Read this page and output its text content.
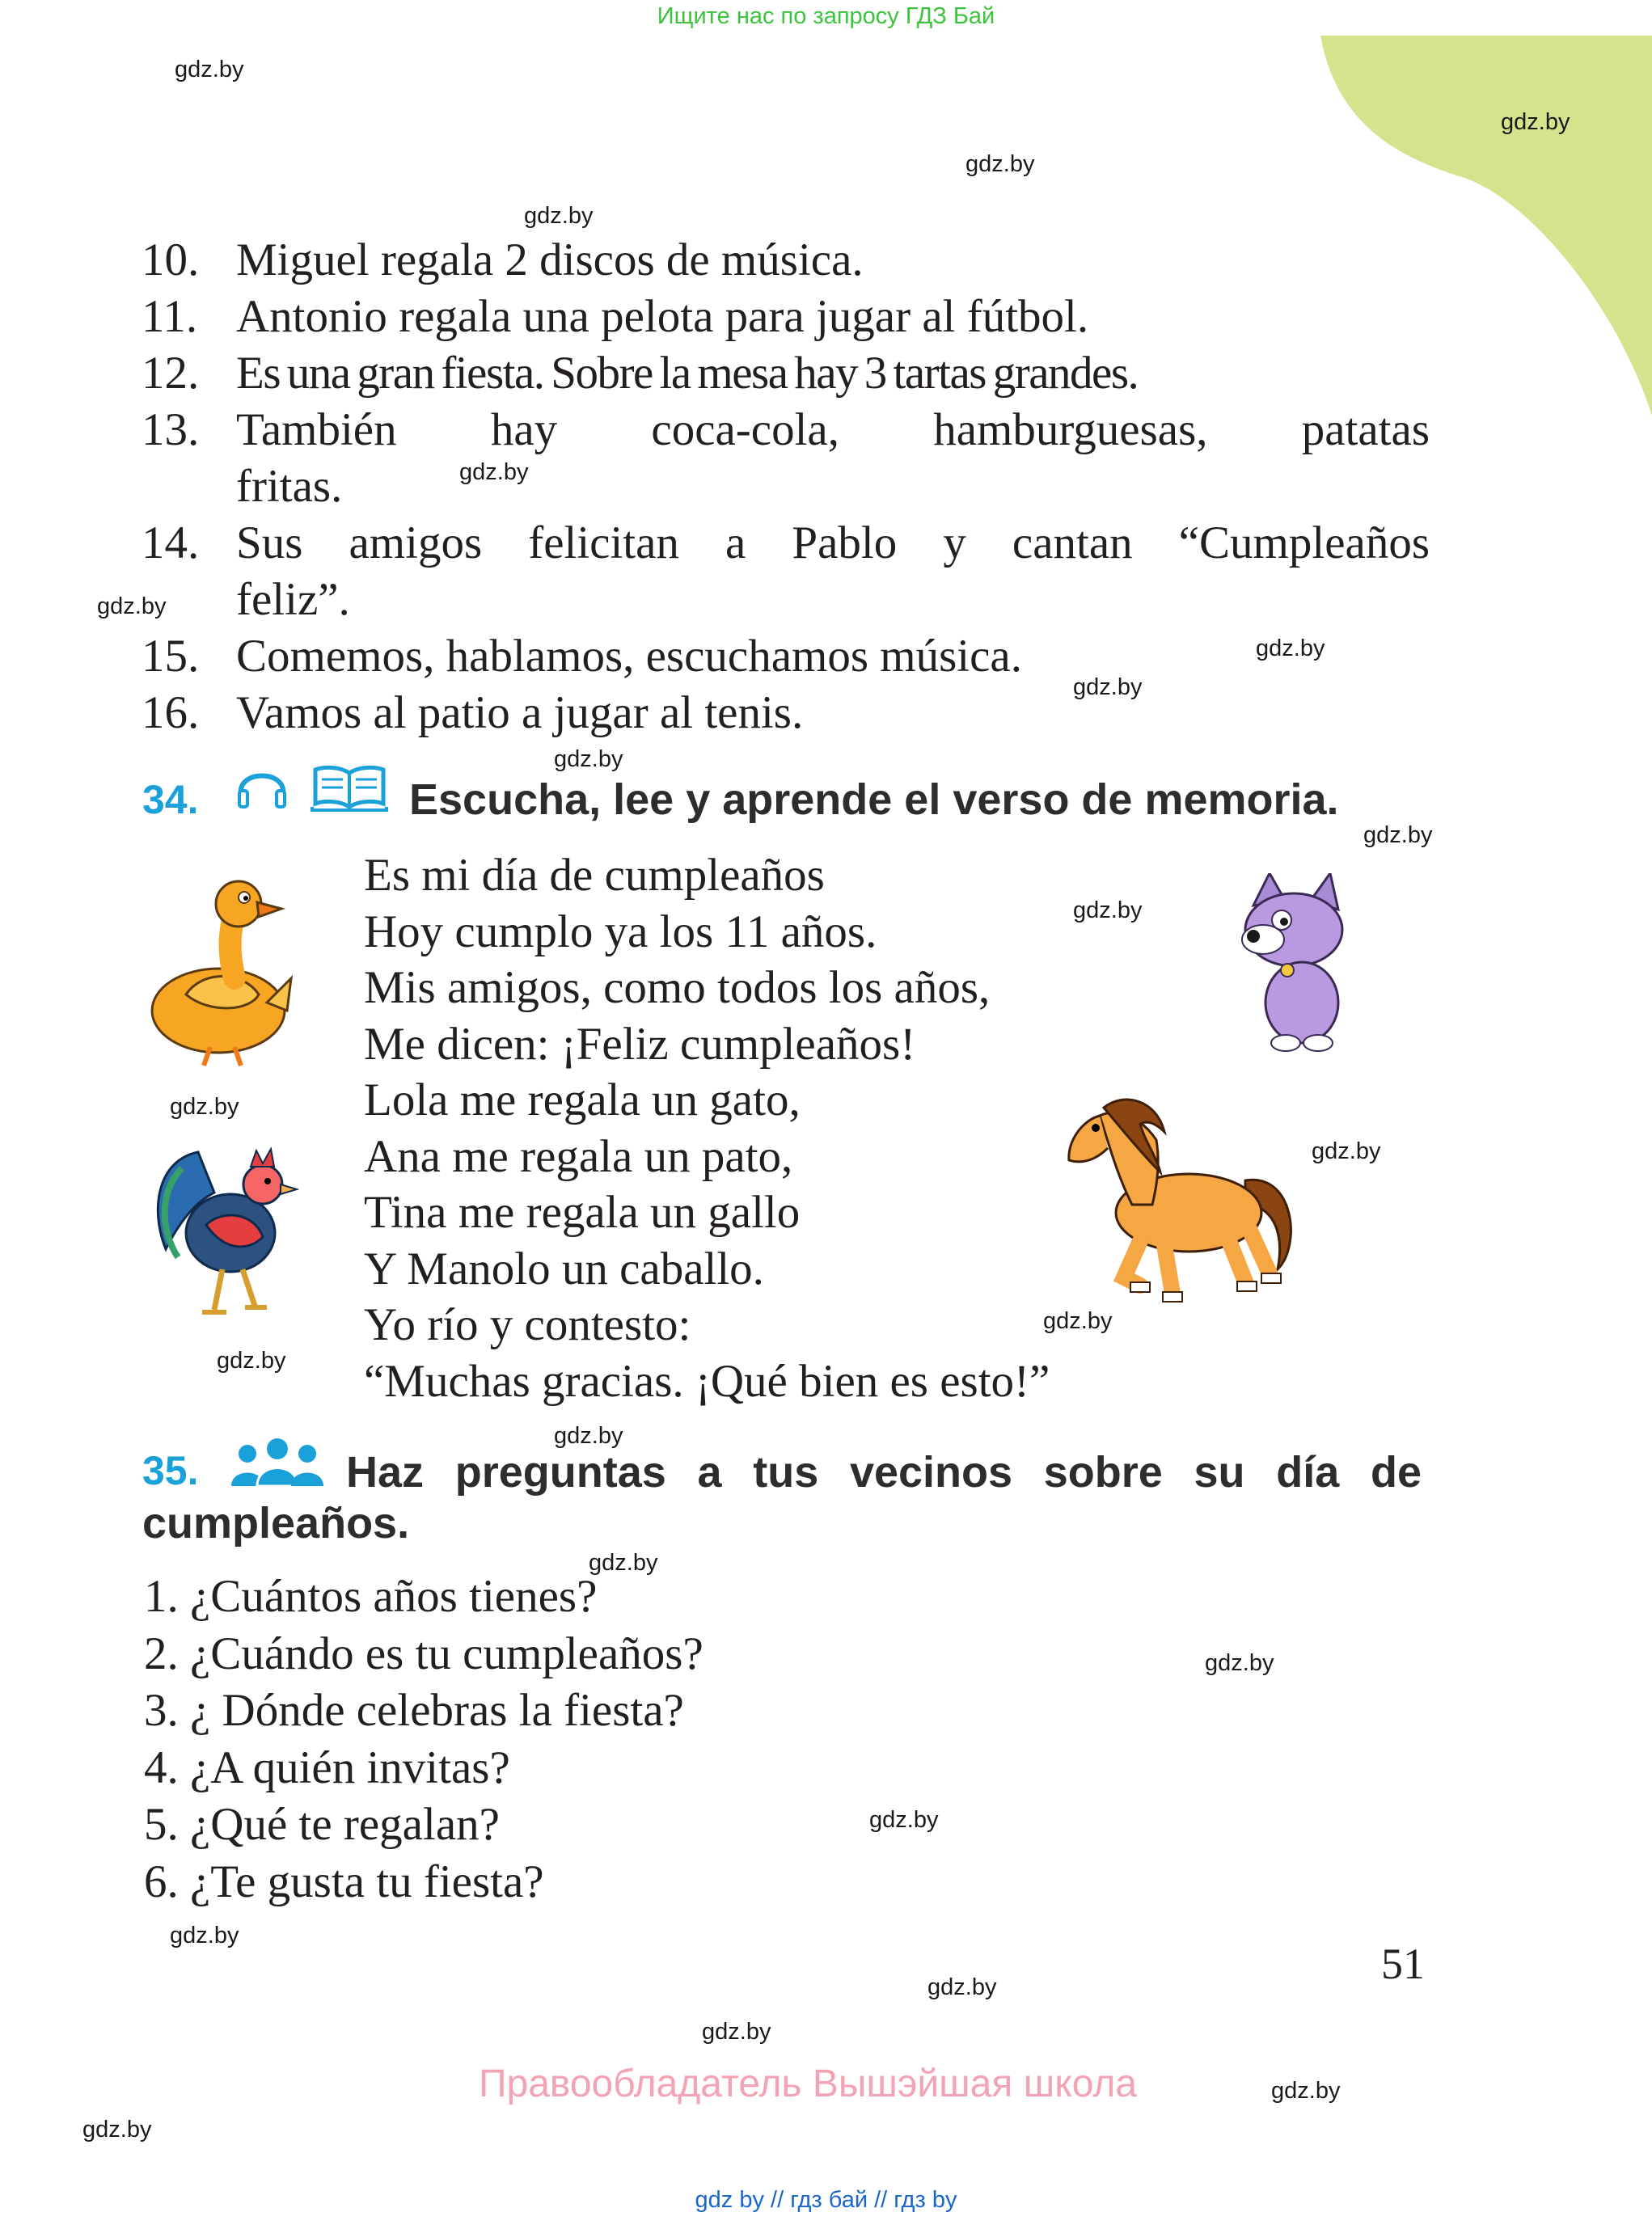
Ищите нас по запросу ГДЗ Бай
gdz.by
gdz.by
gdz.by
gdz.by
gdz.by
gdz.by
gdz.by
gdz.by
gdz.by
gdz.by
gdz.by
gdz.by
gdz.by
gdz.by
gdz.by
gdz.by
gdz.by
gdz.by
gdz.by
gdz.by
gdz.by
gdz.by
gdz.by
gdz.by
10. Miguel regala 2 discos de música.
11. Antonio regala una pelota para jugar al fútbol.
12. Es una gran fiesta. Sobre la mesa hay 3 tartas grandes.
13. También hay coca-cola, hamburguesas, patatas
fritas.
14. Sus amigos felicitan a Pablo y cantan “Cumpleaños
feliz”.
15. Comemos, hablamos, escuchamos música.
16. Vamos al patio a jugar al tenis.
34.	Escucha, lee y aprende el verso de memoria.
Es mi día de cumpleaños
Hoy cumplo ya los 11 años.
Mis amigos, como todos los años,
Me dicen: ¡Feliz cumpleaños!
Lola me regala un gato,
Ana me regala un pato,
Tina me regala un gallo
Y Manolo un caballo.
Yo río y contesto:
“Muchas gracias. ¡Qué bien es esto!”
35.	Haz preguntas a tus vecinos sobre su día de
cumpleaños.
1. ¿Cuántos años tienes?
2. ¿Cuándo es tu cumpleaños?
3. ¿ Dónde celebras la fiesta?
4. ¿A quién invitas?
5. ¿Qué te regalan?
6. ¿Te gusta tu fiesta?
51
Правообладатель Вышэйшая школа
gdz by // гдз бай // гдз by
